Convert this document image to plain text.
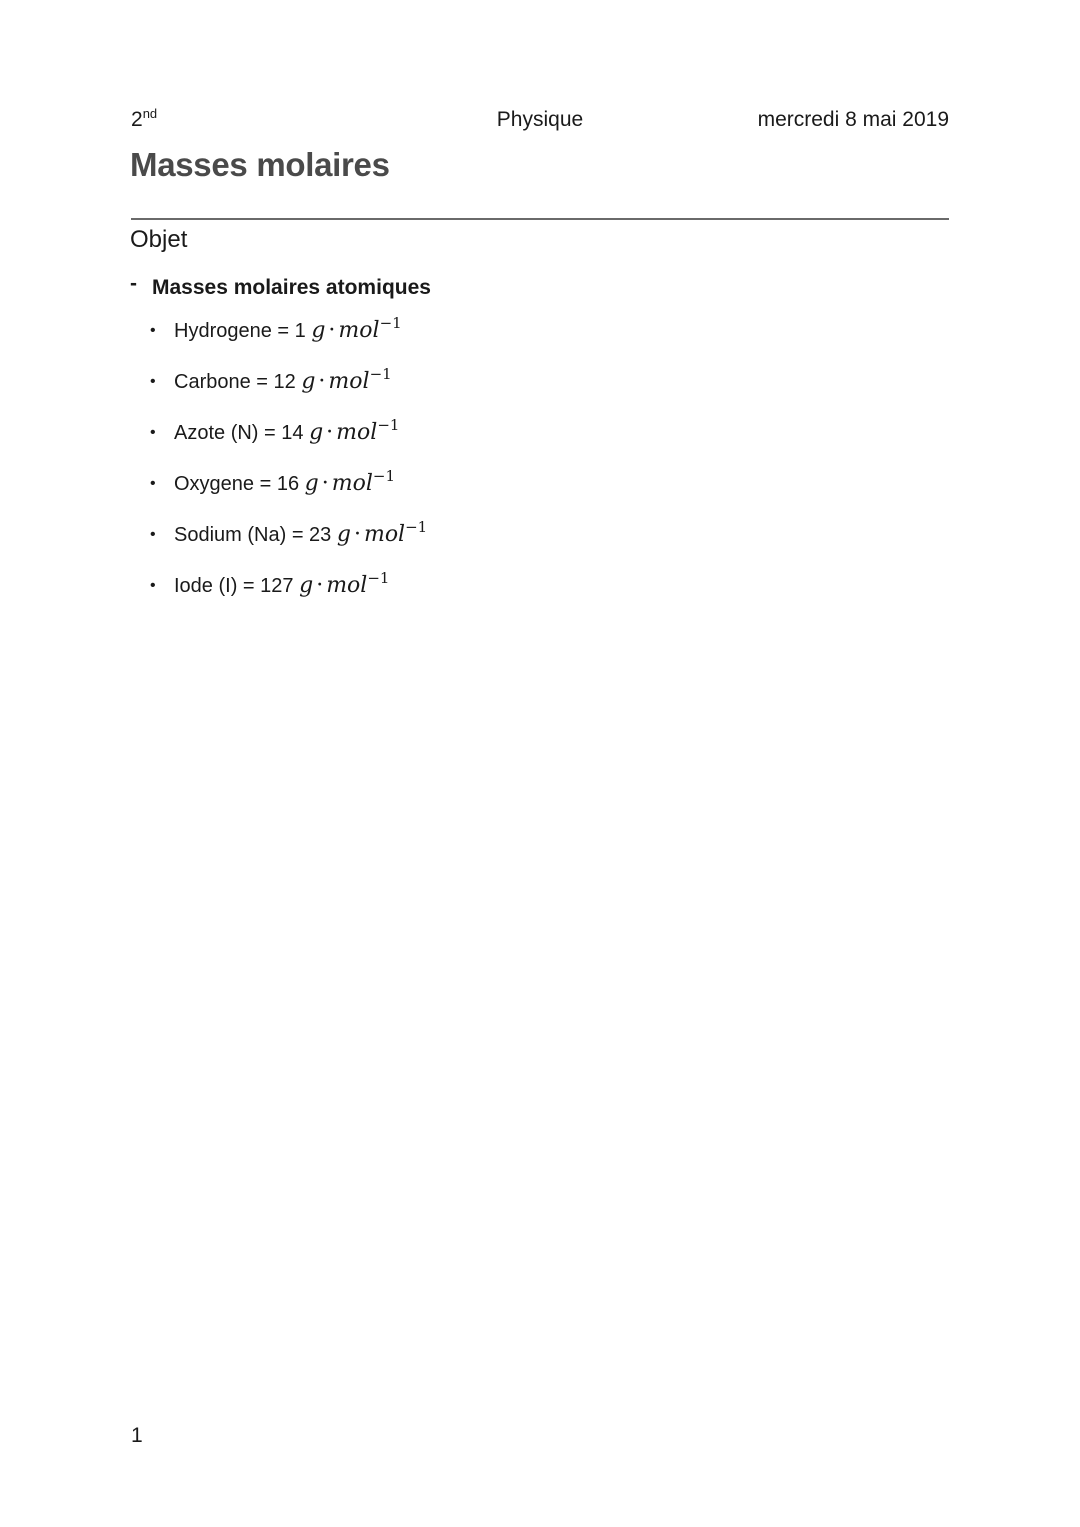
2nd	Physique	mercredi 8 mai 2019
Masses molaires
Objet
- Masses molaires atomiques
• Hydrogene = 1 g · mol$^{-1}$
• Carbone = 12 g · mol$^{-1}$
• Azote (N) = 14 g · mol$^{-1}$
• Oxygene = 16 g · mol$^{-1}$
• Sodium (Na) = 23 g · mol$^{-1}$
• Iode (I) = 127 g · mol$^{-1}$
1
